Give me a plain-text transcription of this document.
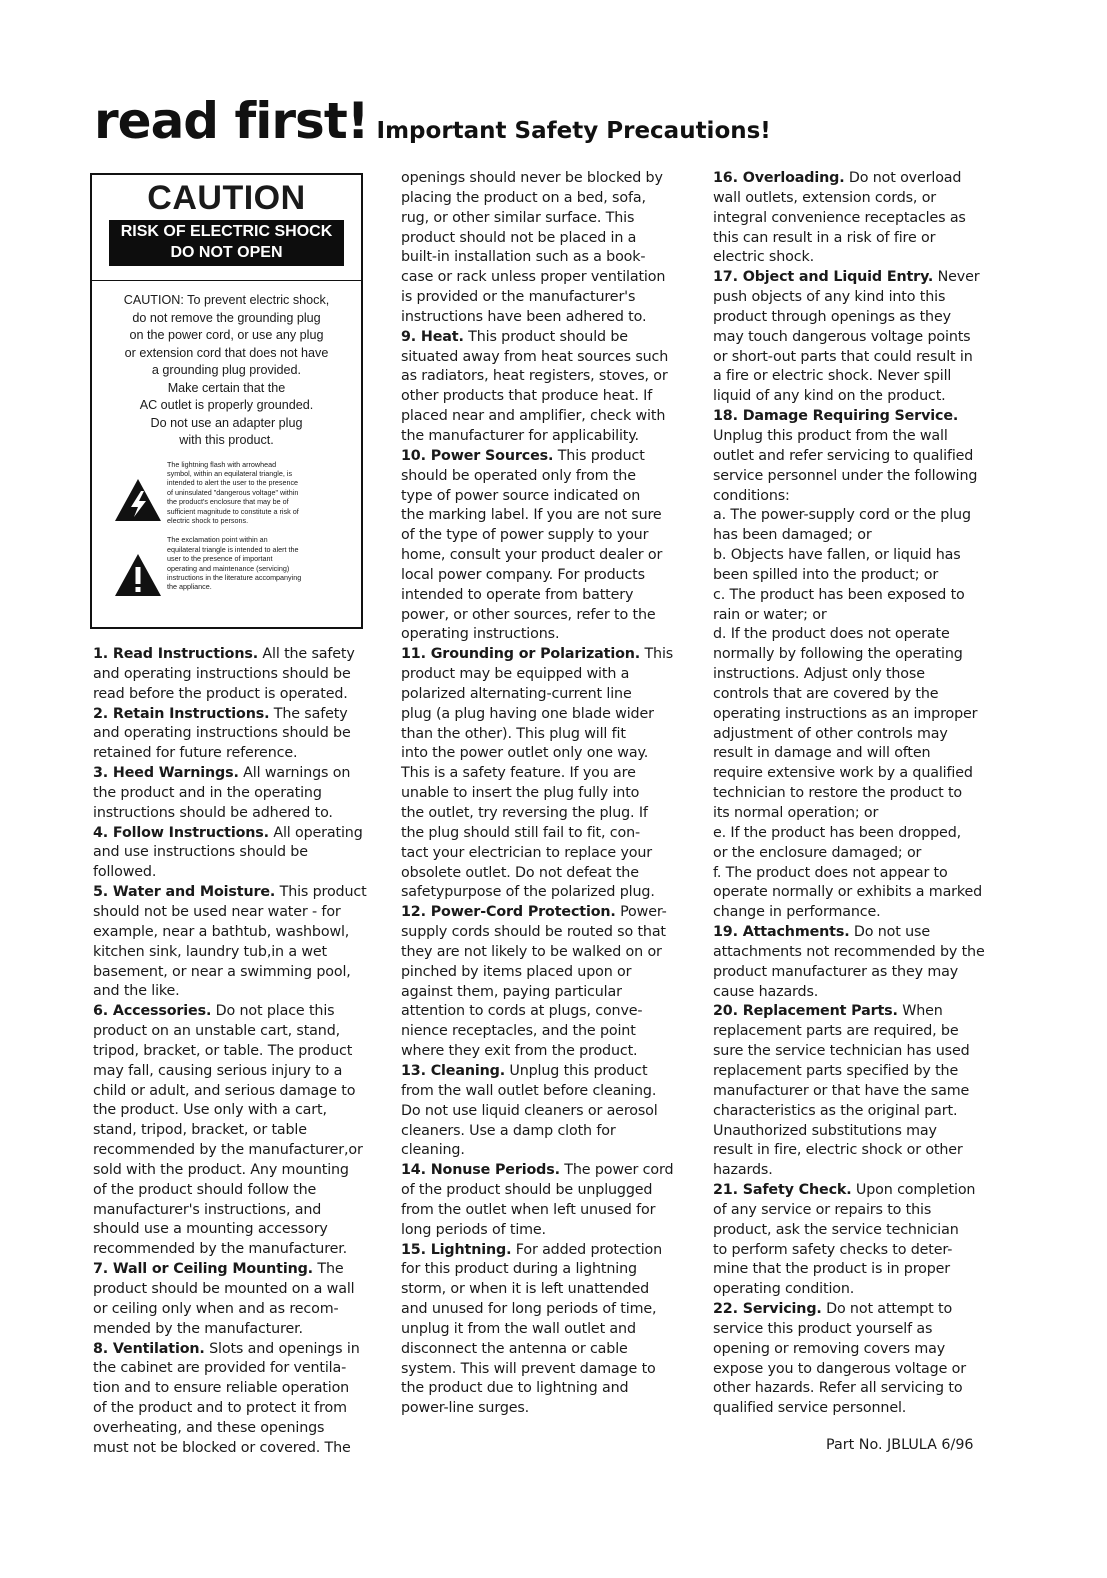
read first! Important Safety Precautions!
CAUTION
RISK OF ELECTRIC SHOCK
DO NOT OPEN
CAUTION: To prevent electric shock,
do not remove the grounding plug
on the power cord, or use any plug
or extension cord that does not have
a grounding plug provided.
Make certain that the
AC outlet is properly grounded.
Do not use an adapter plug
with this product.
The lightning flash with arrowhead
symbol, within an equilateral triangle, is
intended to alert the user to the presence
of uninsulated "dangerous voltage" within
the product's enclosure that may be of
sufficient magnitude to constitute a risk of
electric shock to persons.
The exclamation point within an
equilateral triangle is intended to alert the
user to the presence of important
operating and maintenance (servicing)
instructions in the literature accompanying
the appliance.
1. Read Instructions. All the safety
and operating instructions should be
read before the product is operated.
2. Retain Instructions. The safety
and operating instructions should be
retained for future reference.
3. Heed Warnings. All warnings on
the product and in the operating
instructions should be adhered to.
4. Follow Instructions. All operating
and use instructions should be
followed.
5. Water and Moisture. This product
should not be used near water - for
example, near a bathtub, washbowl,
kitchen sink, laundry tub,in a wet
basement, or near a swimming pool,
and the like.
6. Accessories. Do not place this
product on an unstable cart, stand,
tripod, bracket, or table. The product
may fall, causing serious injury to a
child or adult, and serious damage to
the product. Use only with a cart,
stand, tripod, bracket, or table
recommended by the manufacturer,or
sold with the product. Any mounting
of the product should follow the
manufacturer's instructions, and
should use a mounting accessory
recommended by the manufacturer.
7. Wall or Ceiling Mounting. The
product should be mounted on a wall
or ceiling only when and as recom-
mended by the manufacturer.
8. Ventilation. Slots and openings in
the cabinet are provided for ventila-
tion and to ensure reliable operation
of the product and to protect it from
overheating, and these openings
must not be blocked or covered. The
openings should never be blocked by
placing the product on a bed, sofa,
rug, or other similar surface. This
product should not be placed in a
built-in installation such as a book-
case or rack unless proper ventilation
is provided or the manufacturer's
instructions have been adhered to.
9. Heat. This product should be
situated away from heat sources such
as radiators, heat registers, stoves, or
other products that produce heat. If
placed near and amplifier, check with
the manufacturer for applicability.
10. Power Sources. This product
should be operated only from the
type of power source indicated on
the marking label. If you are not sure
of the type of power supply to your
home, consult your product dealer or
local power company. For products
intended to operate from battery
power, or other sources, refer to the
operating instructions.
11. Grounding or Polarization. This
product may be equipped with a
polarized alternating-current line
plug (a plug having one blade wider
than the other). This plug will fit
into the power outlet only one way.
This is a safety feature. If you are
unable to insert the plug fully into
the outlet, try reversing the plug. If
the plug should still fail to fit, con-
tact your electrician to replace your
obsolete outlet. Do not defeat the
safetypurpose of the polarized plug.
12. Power-Cord Protection. Power-
supply cords should be routed so that
they are not likely to be walked on or
pinched by items placed upon or
against them, paying particular
attention to cords at plugs, conve-
nience receptacles, and the point
where they exit from the product.
13. Cleaning. Unplug this product
from the wall outlet before cleaning.
Do not use liquid cleaners or aerosol
cleaners. Use a damp cloth for
cleaning.
14. Nonuse Periods. The power cord
of the product should be unplugged
from the outlet when left unused for
long periods of time.
15. Lightning. For added protection
for this product during a lightning
storm, or when it is left unattended
and unused for long periods of time,
unplug it from the wall outlet and
disconnect the antenna or cable
system. This will prevent damage to
the product due to lightning and
power-line surges.
16. Overloading. Do not overload
wall outlets, extension cords, or
integral convenience receptacles as
this can result in a risk of fire or
electric shock.
17. Object and Liquid Entry. Never
push objects of any kind into this
product through openings as they
may touch dangerous voltage points
or short-out parts that could result in
a fire or electric shock. Never spill
liquid of any kind on the product.
18. Damage Requiring Service.
Unplug this product from the wall
outlet and refer servicing to qualified
service personnel under the following
conditions:
a. The power-supply cord or the plug
has been damaged; or
b. Objects have fallen, or liquid has
been spilled into the product; or
c. The product has been exposed to
rain or water; or
d. If the product does not operate
normally by following the operating
instructions. Adjust only those
controls that are covered by the
operating instructions as an improper
adjustment of other controls may
result in damage and will often
require extensive work by a qualified
technician to restore the product to
its normal operation; or
e. If the product has been dropped,
or the enclosure damaged; or
f. The product does not appear to
operate normally or exhibits a marked
change in performance.
19. Attachments. Do not use
attachments not recommended by the
product manufacturer as they may
cause hazards.
20. Replacement Parts. When
replacement parts are required, be
sure the service technician has used
replacement parts specified by the
manufacturer or that have the same
characteristics as the original part.
Unauthorized substitutions may
result in fire, electric shock or other
hazards.
21. Safety Check. Upon completion
of any service or repairs to this
product, ask the service technician
to perform safety checks to deter-
mine that the product is in proper
operating condition.
22. Servicing. Do not attempt to
service this product yourself as
opening or removing covers may
expose you to dangerous voltage or
other hazards. Refer all servicing to
qualified service personnel.
Part No. JBLULA 6/96
